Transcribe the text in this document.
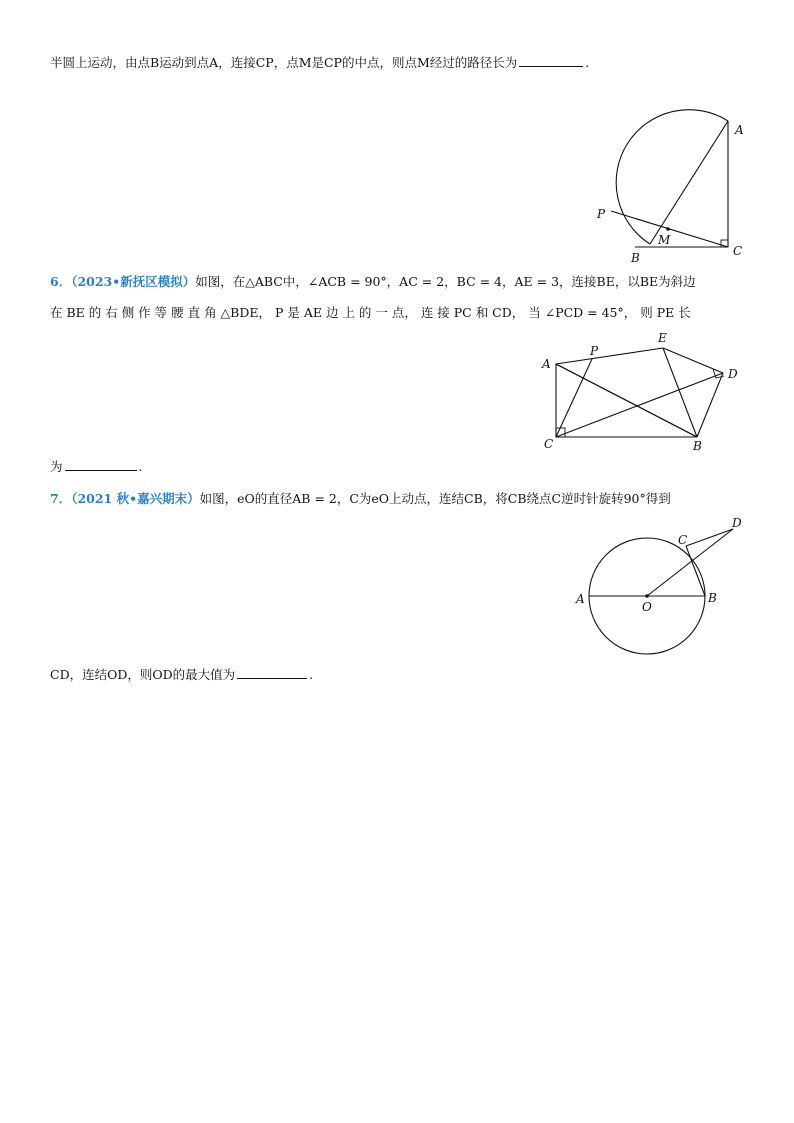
半圆上运动，由点B运动到点A，连接CP，点M是CP的中点，则点M经过的路径长为	.
A
P
M
B	C
6．（2023•新抚区模拟）如图，在△ABC中，∠ACB = 90°，AC = 2，BC = 4，AE = 3，连接BE，以BE为斜边
在 BE 的 右 侧 作 等 腰 直 角 △BDE， P 是 AE 边 上 的 一 点， 连 接 PC 和 CD， 当 ∠PCD = 45°， 则 PE 长
为	.
A
P
E
D
C	B
7．（2021 秋•嘉兴期末）如图，eO的直径AB = 2，C为eO上动点，连结CB，将CB绕点C逆时针旋转90°得到
CD，连结OD，则OD的最大值为	.
A
O
B
C
D
